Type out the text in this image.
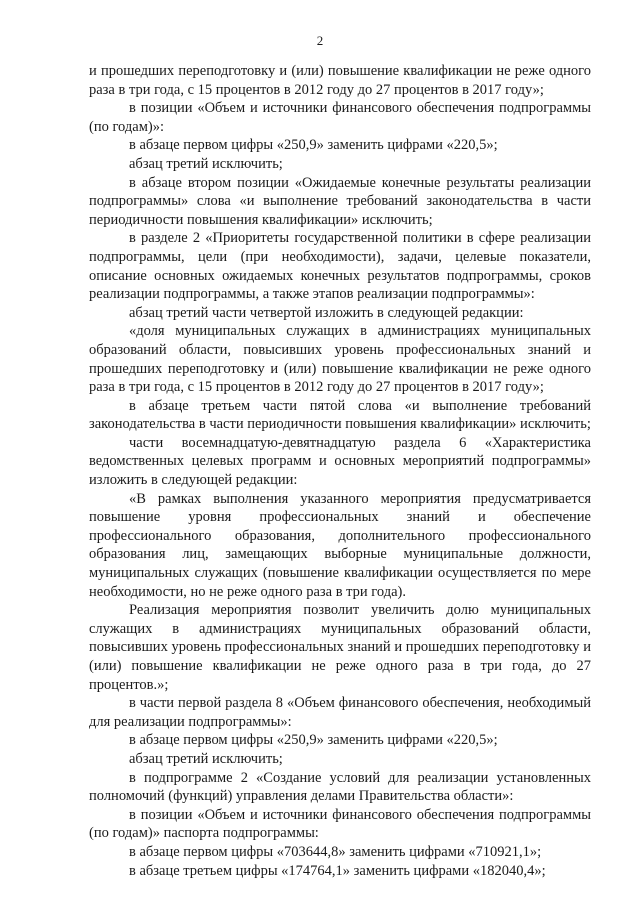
2

и прошедших переподготовку и (или) повышение квалификации не реже одного раза в три года, с 15 процентов в 2012 году до 27 процентов в 2017 году»;

в позиции «Объем и источники финансового обеспечения подпрограммы (по годам)»:

в абзаце первом цифры «250,9» заменить цифрами «220,5»;

абзац третий исключить;

в абзаце втором позиции «Ожидаемые конечные результаты реализации подпрограммы» слова «и выполнение требований законодательства в части периодичности повышения квалификации» исключить;

в разделе 2 «Приоритеты государственной политики в сфере реализации подпрограммы, цели (при необходимости), задачи, целевые показатели, описание основных ожидаемых конечных результатов подпрограммы, сроков реализации подпрограммы, а также этапов реализации подпрограммы»:

абзац третий части четвертой изложить в следующей редакции:

«доля муниципальных служащих в администрациях муниципальных образований области, повысивших уровень профессиональных знаний и прошедших переподготовку и (или) повышение квалификации не реже одного раза в три года, с 15 процентов в 2012 году до 27 процентов в 2017 году»;

в абзаце третьем части пятой слова «и выполнение требований законодательства в части периодичности повышения квалификации» исключить;

части восемнадцатую-девятнадцатую раздела 6 «Характеристика ведомственных целевых программ и основных мероприятий подпрограммы» изложить в следующей редакции:

«В рамках выполнения указанного мероприятия предусматривается повышение уровня профессиональных знаний и обеспечение профессионального образования, дополнительного профессионального образования лиц, замещающих выборные муниципальные должности, муниципальных служащих (повышение квалификации осуществляется по мере необходимости, но не реже одного раза в три года).

Реализация мероприятия позволит увеличить долю муниципальных служащих в администрациях муниципальных образований области, повысивших уровень профессиональных знаний и прошедших переподготовку и (или) повышение квалификации не реже одного раза в три года, до 27 процентов.»;

в части первой раздела 8 «Объем финансового обеспечения, необходимый для реализации подпрограммы»:

в абзаце первом цифры «250,9» заменить цифрами «220,5»;

абзац третий исключить;

в подпрограмме 2 «Создание условий для реализации установленных полномочий (функций) управления делами Правительства области»:

в позиции «Объем и источники финансового обеспечения подпрограммы (по годам)» паспорта подпрограммы:

в абзаце первом цифры «703644,8» заменить цифрами «710921,1»;

в абзаце третьем цифры «174764,1» заменить цифрами «182040,4»;
